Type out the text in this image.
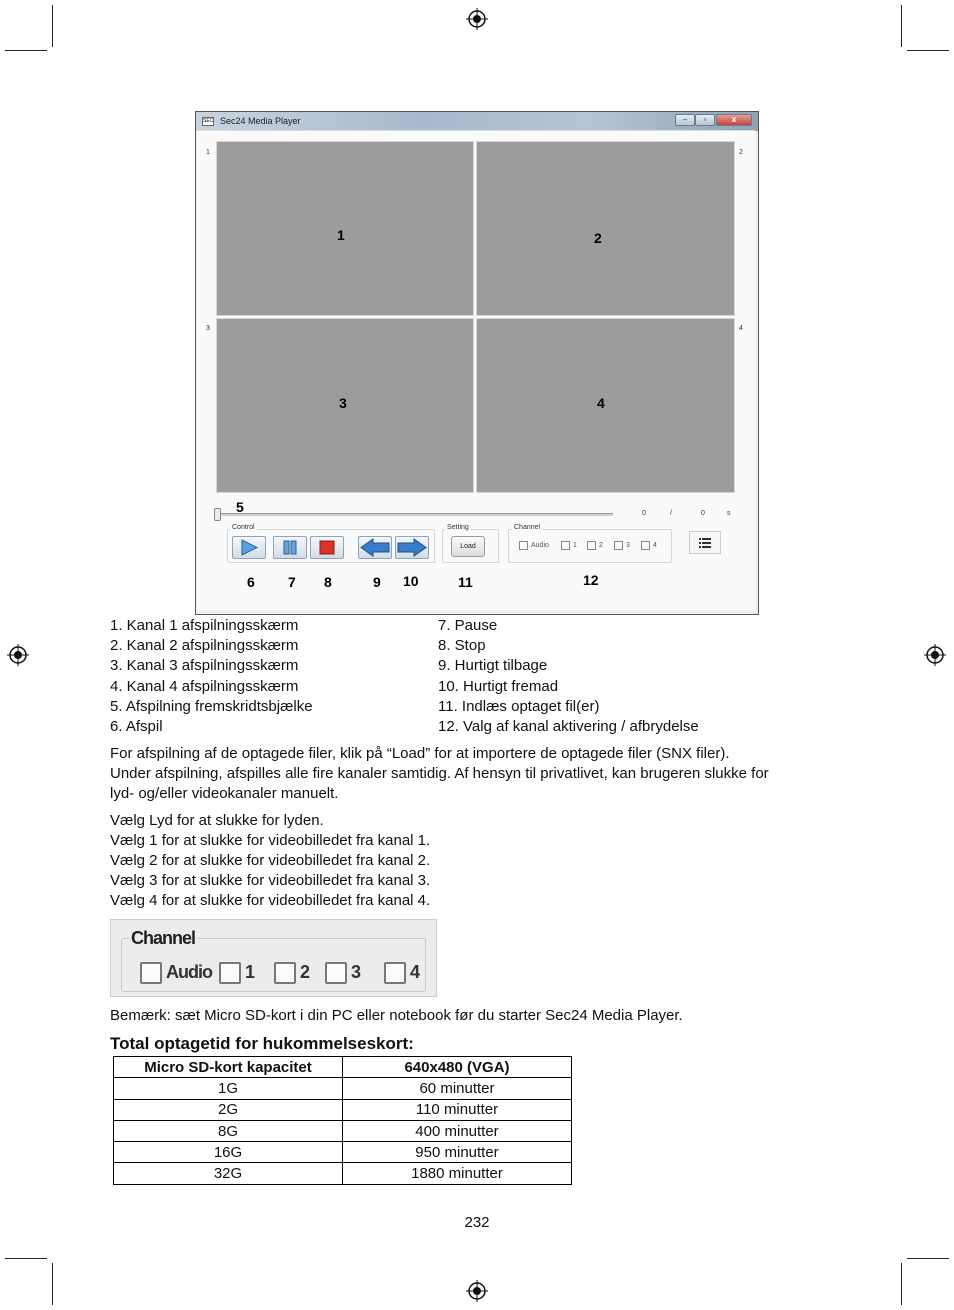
SEC Sec24 Media Player	–	▫	x
1	2
3	4
1	2
3	4
0	/	0	s
Control	Setting
Load
Channel
Audio	1	2	3	4
5
6 7 8	9 10	11	12
1. Kanal 1 afspilningsskærm
2. Kanal 2 afspilningsskærm
3. Kanal 3 afspilningsskærm
4. Kanal 4 afspilningsskærm
5. Afspilning fremskridtsbjælke
6. Afspil
7. Pause
8. Stop
9. Hurtigt tilbage
10. Hurtigt fremad
11. Indlæs optaget fil(er)
12. Valg af kanal aktivering / afbrydelse
For afspilning af de optagede filer, klik på “Load” for at importere de optagede filer (SNX filer).
Under afspilning, afspilles alle fire kanaler samtidig. Af hensyn til privatlivet, kan brugeren slukke for
lyd- og/eller videokanaler manuelt.
Vælg Lyd for at slukke for lyden.
Vælg 1 for at slukke for videobilledet fra kanal 1.
Vælg 2 for at slukke for videobilledet fra kanal 2.
Vælg 3 for at slukke for videobilledet fra kanal 3.
Vælg 4 for at slukke for videobilledet fra kanal 4.
Channel
Audio 1	2 3	4
Bemærk: sæt Micro SD-kort i din PC eller notebook før du starter Sec24 Media Player.
Total optagetid for hukommelseskort:
Micro SD-kort kapacitet	640x480 (VGA)
1G	60 minutter
2G	110 minutter
8G	400 minutter
16G	950 minutter
32G	1880 minutter
232
